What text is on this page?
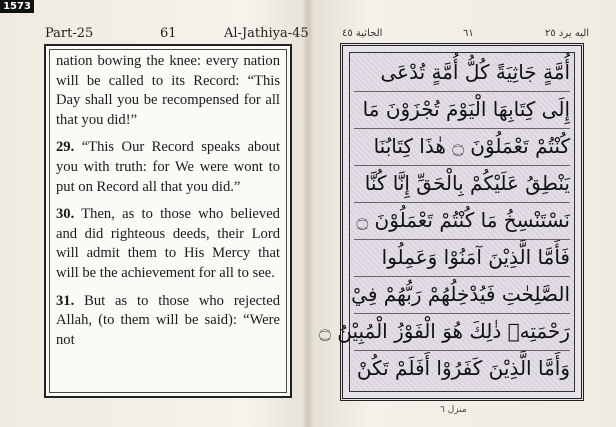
1573
Part-25	61	Al-Jathiya-45

nation bowing the knee: every nation will be called to its Record: “This Day shall you be recompensed for all that you did!”

29. “This Our Record speaks about you with truth: for We were wont to put on Record all that you did.”

30. Then, as to those who believed and did righteous deeds, their Lord will admit them to His Mercy that will be the achievement for all to see.

31. But as to those who rejected Allah, (to them will be said): “Were not

الجاثية ٤٥	٦١	اليه يرد ٢٥
أُمَّةٍ جَاثِيَةً كُلُّ أُمَّةٍ تُدْعَى
إِلَى كِتَابِهَا الْيَوْمَ تُجْزَوْنَ مَا
كُنْتُمْ تَعْمَلُوْنَ ۝ هٰذَا كِتَابُنَا
يَنْطِقُ عَلَيْكُمْ بِالْحَقِّ إِنَّا كُنَّا
نَسْتَنْسِخُ مَا كُنْتُمْ تَعْمَلُوْنَ ۝
فَأَمَّا الَّذِيْنَ آمَنُوْا وَعَمِلُوا
الصَّلِحٰتِ فَيُدْخِلُهُمْ رَبُّهُمْ فِيْ
رَحْمَتِهٖ ذٰلِكَ هُوَ الْفَوْزُ الْمُبِيْنُ ۝
وَأَمَّا الَّذِيْنَ كَفَرُوْا أَفَلَمْ تَكُنْ
منزل ٦
